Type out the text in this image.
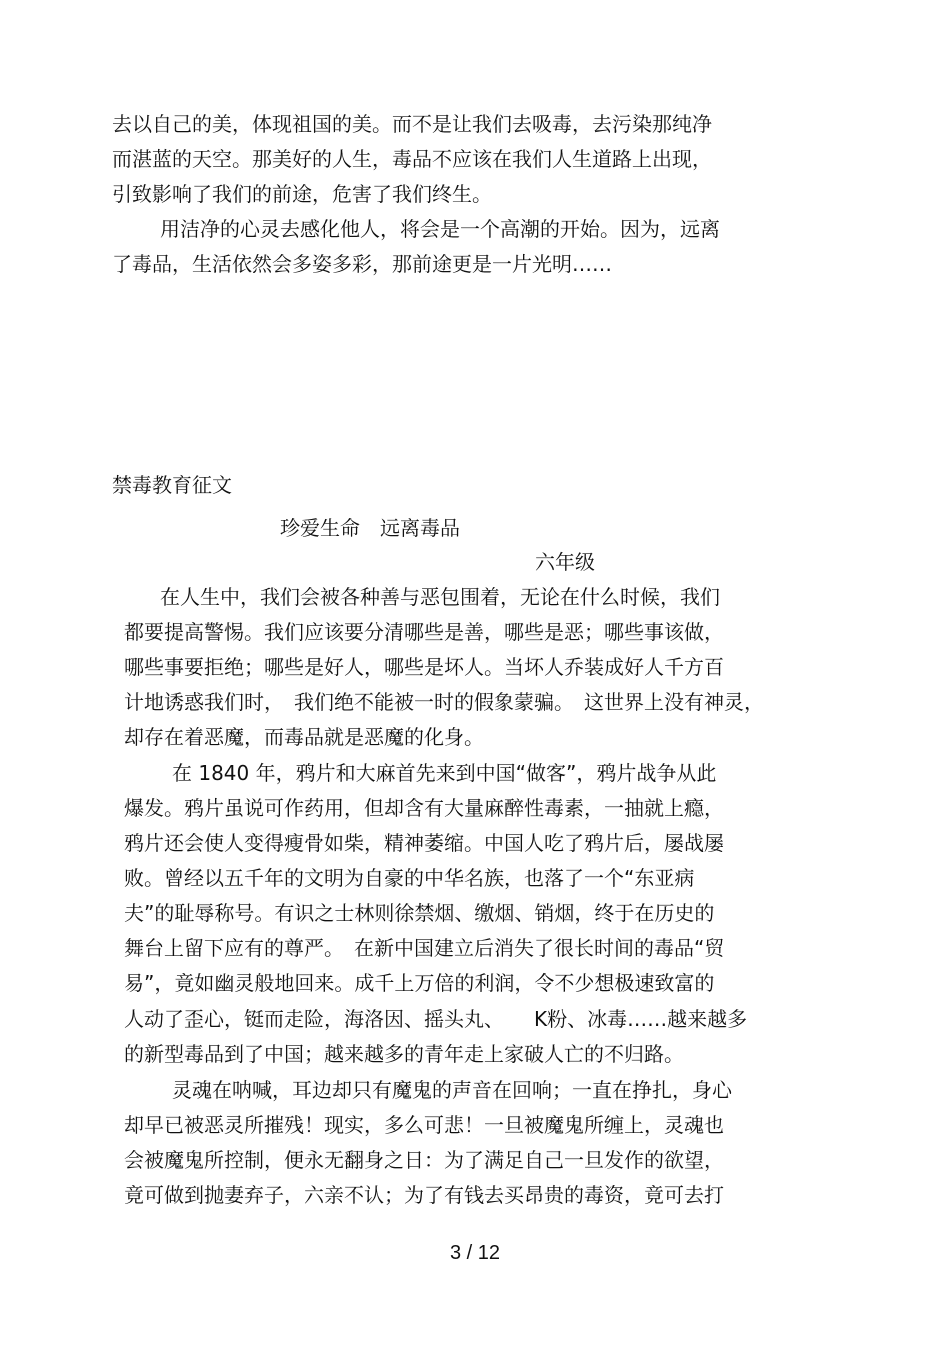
去以自己的美，体现祖国的美。而不是让我们去吸毒，去污染那纯净
而湛蓝的天空。那美好的人生，毒品不应该在我们人生道路上出现，
引致影响了我们的前途，危害了我们终生。
用洁净的心灵去感化他人，将会是一个高潮的开始。因为，远离
了毒品，生活依然会多姿多彩，那前途更是一片光明……
禁毒教育征文
珍爱生命　远离毒品
六年级
在人生中，我们会被各种善与恶包围着，无论在什么时候，我们
都要提高警惕。我们应该要分清哪些是善，哪些是恶；哪些事该做，
哪些事要拒绝；哪些是好人，哪些是坏人。当坏人乔装成好人千方百
计地诱惑我们时，　我们绝不能被一时的假象蒙骗。　这世界上没有神灵，
却存在着恶魔，而毒品就是恶魔的化身。
在 1840 年，鸦片和大麻首先来到中国“做客”，鸦片战争从此
爆发。鸦片虽说可作药用，但却含有大量麻醉性毒素，一抽就上瘾，
鸦片还会使人变得瘦骨如柴，精神萎缩。中国人吃了鸦片后，屡战屡
败。曾经以五千年的文明为自豪的中华名族，也落了一个“东亚病
夫”的耻辱称号。有识之士林则徐禁烟、缴烟、销烟，终于在历史的
舞台上留下应有的尊严。　在新中国建立后消失了很长时间的毒品“贸
易”，竟如幽灵般地回来。成千上万倍的利润，令不少想极速致富的
人动了歪心，铤而走险，海洛因、摇头丸、　　K粉、冰毒……越来越多
的新型毒品到了中国；越来越多的青年走上家破人亡的不归路。
灵魂在呐喊，耳边却只有魔鬼的声音在回响；一直在挣扎，身心
却早已被恶灵所摧残！现实，多么可悲！一旦被魔鬼所缠上，灵魂也
会被魔鬼所控制，便永无翻身之日：为了满足自己一旦发作的欲望，
竟可做到抛妻弃子，六亲不认；为了有钱去买昂贵的毒资，竟可去打
3 / 12
